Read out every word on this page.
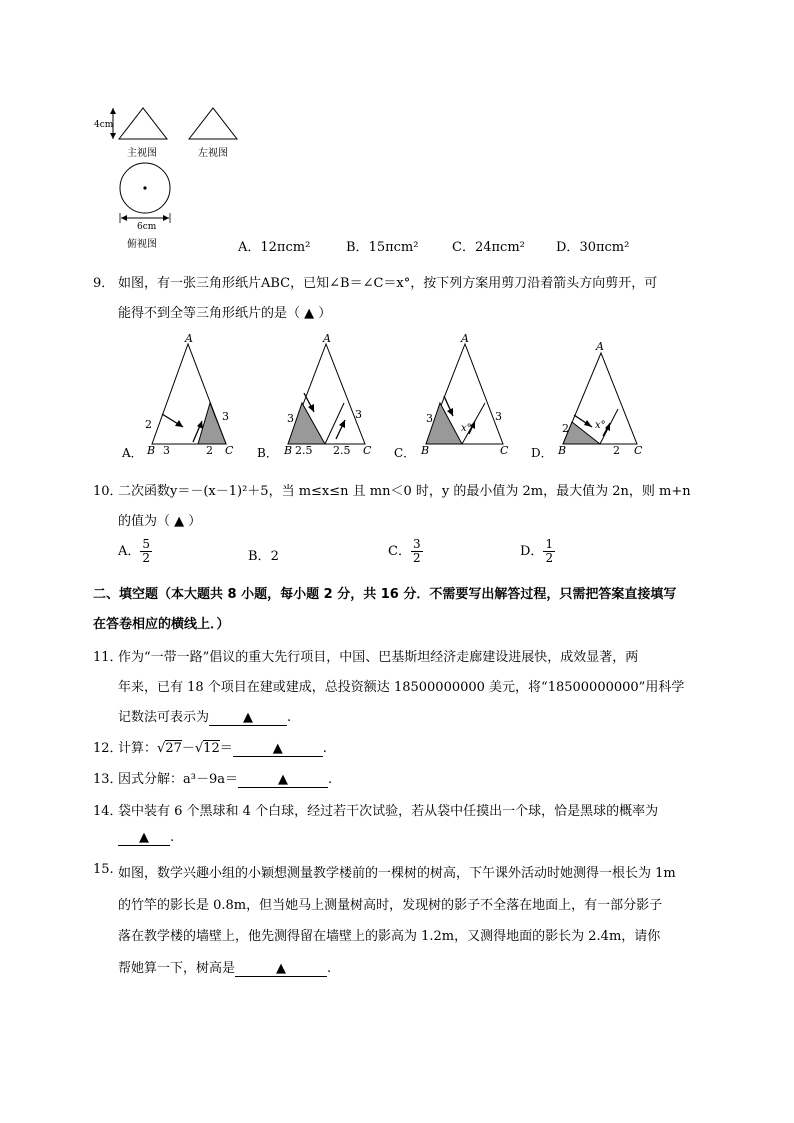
4cm
主视图	左视图
6cm
俯视图	A．12πcm²	B．15πcm²	C．24πcm² D．30πcm²
9． 如图，有一张三角形纸片ABC，已知∠B＝∠C＝x°，按下列方案用剪刀沿着箭头方向剪开，可
能得不到全等三角形纸片的是（ ▲ ）
A
B	C
2
3
3	2
A．
A
B	C
3	3
2.5 2.5
B．
A
B	C
3	3
x°
C．
A
B	C
2	x°
2
D．
10．
二次函数y＝－(x－1)²＋5，当 m≤x≤n 且 mn＜0 时，y 的最小值为 2m，最大值为 2n，则 m+n
的值为（ ▲ ）
A． $\frac{5}{2}$	B．2	C． $\frac{3}{2}$	D． $\frac{1}{2}$
二、填空题（本大题共 8 小题，每小题 2 分，共 16 分．不需要写出解答过程，只需把答案直接填写
在答卷相应的横线上．）
11．
作为“一带一路”倡议的重大先行项目，中国、巴基斯坦经济走廊建设进展快，成效显著，两
年来，已有 18 个项目在建或建成，总投资额达 18500000000 美元，将“18500000000”用科学
记数法可表示为	▲	.
12．
计算：√27－√12＝	▲	.
13．
因式分解：a³－9a＝	▲	.
14．
袋中装有 6 个黑球和 4 个白球，经过若干次试验，若从袋中任摸出一个球，恰是黑球的概率为
▲ .
15. 如图，数学兴趣小组的小颖想测量教学楼前的一棵树的树高，下午课外活动时她测得一根长为 1m
的竹竿的影长是 0.8m，但当她马上测量树高时，发现树的影子不全落在地面上，有一部分影子
落在教学楼的墙壁上，他先测得留在墙壁上的影高为 1.2m，又测得地面的影长为 2.4m，请你
帮她算一下，树高是	▲	.
